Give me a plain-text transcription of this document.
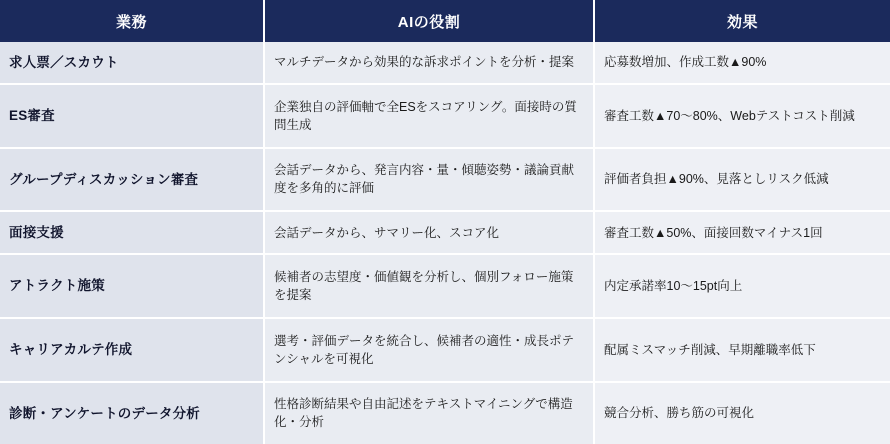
業務	AIの役割	効果
求人票／スカウト	マルチデータから効果的な訴求ポイントを分析・提案	応募数増加、作成工数▲90%
ES審査	企業独自の評価軸で全ESをスコアリング。面接時の質問生成	審査工数▲70〜80%、Webテストコスト削減
グループディスカッション審査	会話データから、発言内容・量・傾聴姿勢・議論貢献度を多角的に評価	評価者負担▲90%、見落としリスク低減
面接支援	会話データから、サマリー化、スコア化	審査工数▲50%、面接回数マイナス1回
アトラクト施策	候補者の志望度・価値観を分析し、個別フォロー施策を提案	内定承諾率10〜15pt向上
キャリアカルテ作成	選考・評価データを統合し、候補者の適性・成長ポテンシャルを可視化	配属ミスマッチ削減、早期離職率低下
診断・アンケートのデータ分析	性格診断結果や自由記述をテキストマイニングで構造化・分析	競合分析、勝ち筋の可視化
